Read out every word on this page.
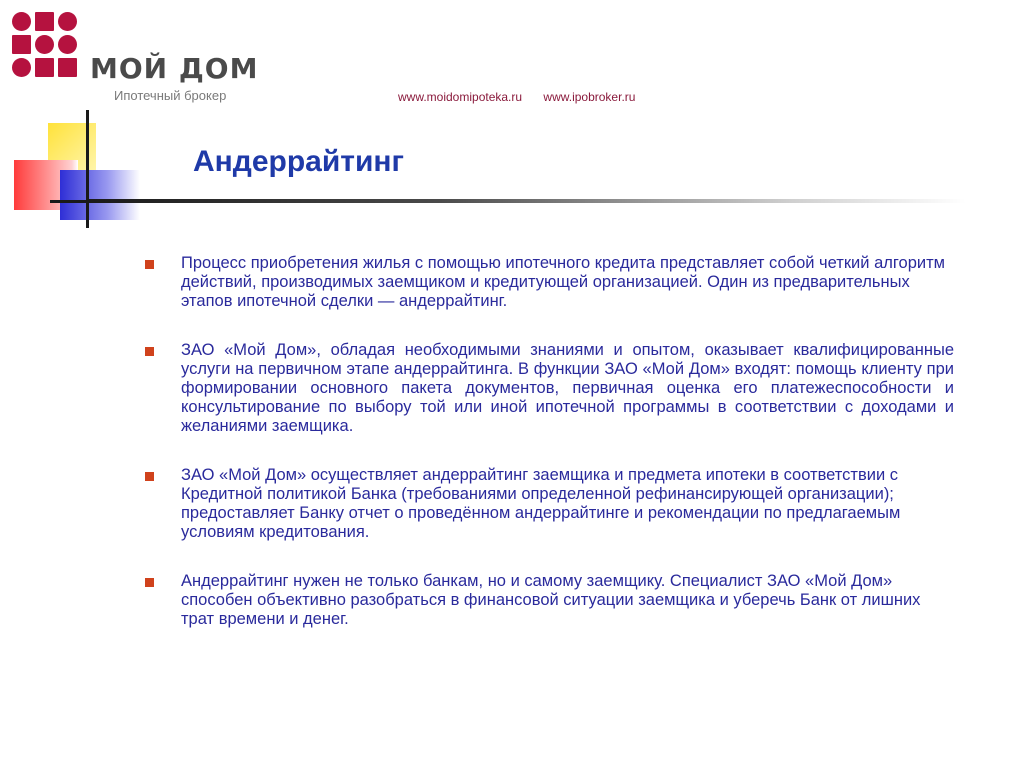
МОЙ ДОМ
Ипотечный брокер	www.moidomipoteka.ru www.ipobroker.ru
Андеррайтинг
Процесс приобретения жилья с помощью ипотечного кредита представляет собой четкий алгоритм действий, производимых заемщиком и кредитующей организацией. Один из предварительных этапов ипотечной сделки — андеррайтинг.
ЗАО «Мой Дом», обладая необходимыми знаниями и опытом, оказывает квалифицированные услуги на первичном этапе андеррайтинга. В функции ЗАО «Мой Дом» входят: помощь клиенту при формировании основного пакета документов, первичная оценка его платежеспособности и консультирование по выбору той или иной ипотечной программы в соответствии с доходами и желаниями заемщика.
ЗАО «Мой Дом» осуществляет андеррайтинг заемщика и предмета ипотеки в соответствии с Кредитной политикой Банка (требованиями определенной рефинансирующей организации); предоставляет Банку отчет о проведённом андеррайтинге и рекомендации по предлагаемым условиям кредитования.
Андеррайтинг нужен не только банкам, но и самому заемщику. Специалист ЗАО «Мой Дом» способен объективно разобраться в финансовой ситуации заемщика и уберечь Банк от лишних трат времени и денег.
